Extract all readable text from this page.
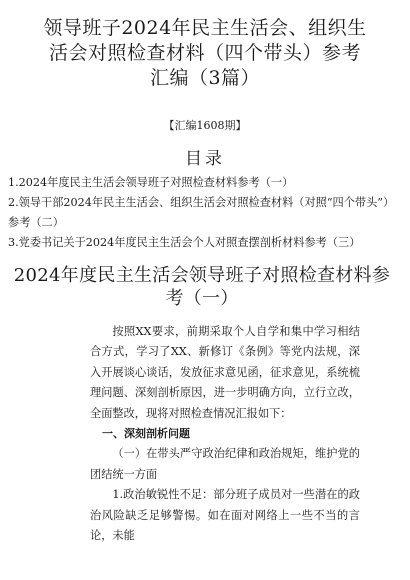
领导班子2024年民主生活会、组织生活会对照检查材料（四个带头）参考汇编（3篇）
【汇编1608期】
目录
1.2024年度民主生活会领导班子对照检查材料参考（一）
2.领导干部2024年民主生活会、组织生活会对照检查材料（对照“四个带头”）参考（二）
3.党委书记关于2024年度民主生活会个人对照查摆剖析材料参考（三）
2024年度民主生活会领导班子对照检查材料参考（一）

按照XX要求，前期采取个人自学和集中学习相结合方式，学习了XX、新修订《条例》等党内法规，深入开展谈心谈话，发放征求意见函，征求意见，系统梳理问题、深刻剖析原因，进一步明确方向，立行立改，全面整改，现将对照检查情况汇报如下：

一、深刻剖析问题

（一）在带头严守政治纪律和政治规矩，维护党的团结统一方面

1.政治敏锐性不足：部分班子成员对一些潜在的政治风险缺乏足够警惕。如在面对网络上一些不当的言论，未能
